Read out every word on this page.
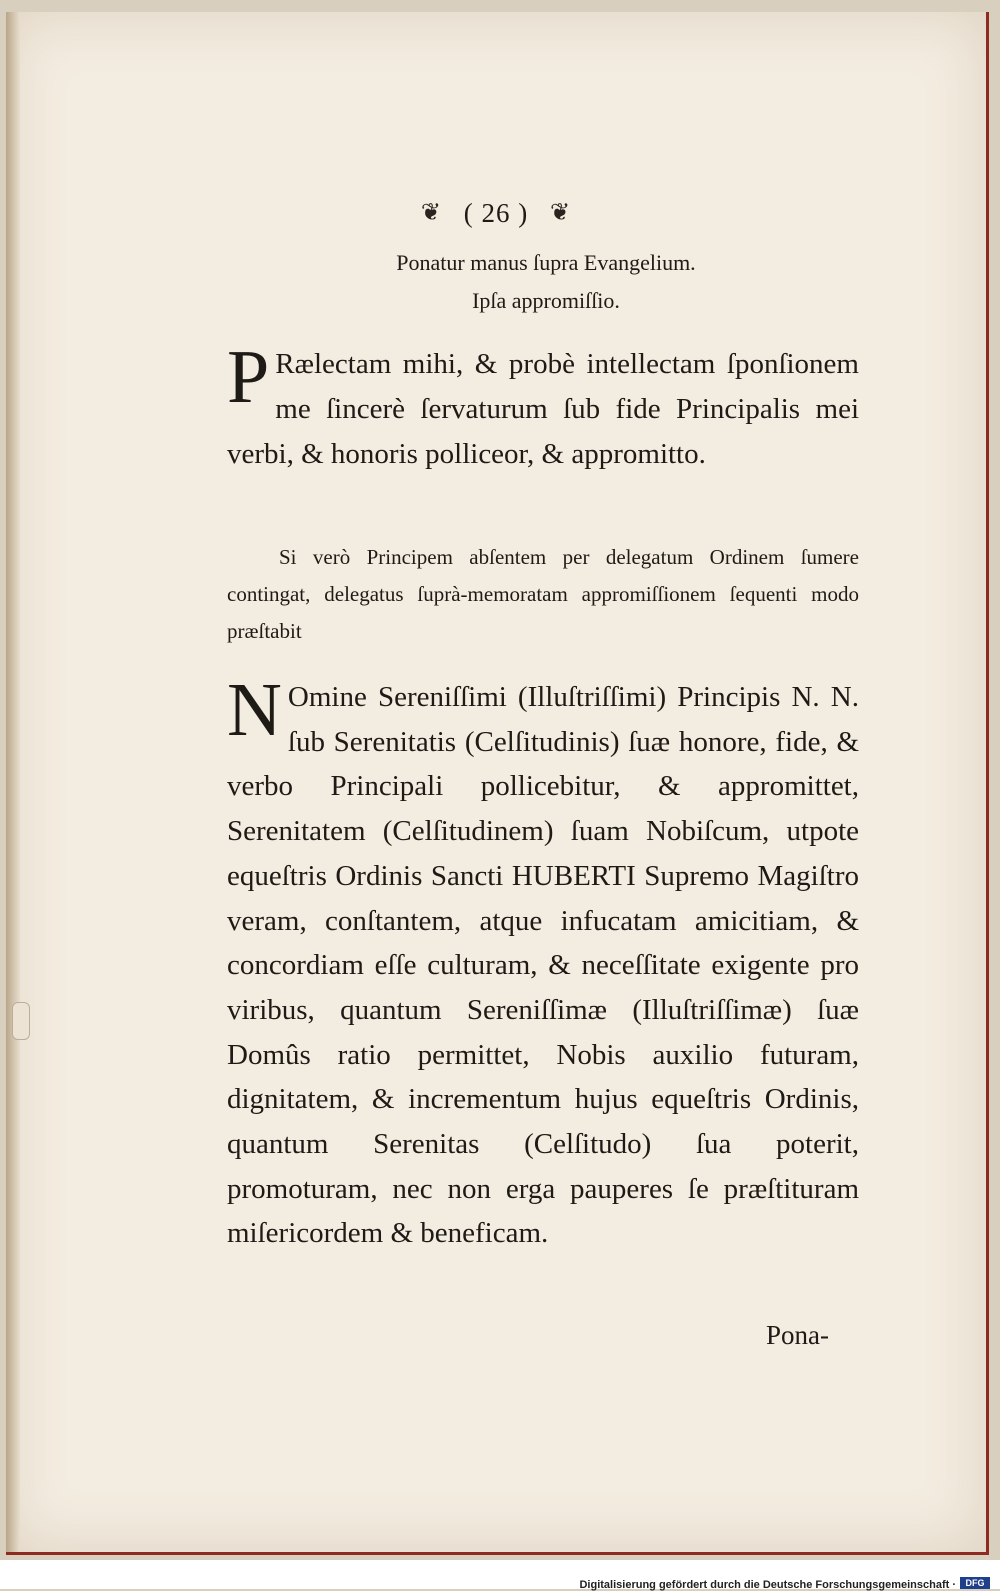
❦ ( 26 ) ❦
Ponatur manus ſupra Evangelium.
Ipſa appromiſſio.
P Rælectam mihi, & probè intellectam ſponſionem me ſincerè ſervaturum ſub fide Principalis mei verbi, & honoris polliceor, & appromitto.
Si verò Principem abſentem per delegatum Ordinem ſumere contingat, delegatus ſuprà-memoratam appromiſſionem ſequenti modo præſtabit
N Omine Sereniſſimi (Illuſtriſſimi) Principis N. N. ſub Serenitatis (Celſitudinis) ſuæ honore, fide, & verbo Principali pollicebitur, & appromittet, Serenitatem (Celſitudinem) ſuam Nobiſcum, utpote equeſtris Ordinis Sancti HUBERTI Supremo Magiſtro veram, conſtantem, atque infucatam amicitiam, & concordiam eſſe culturam, & neceſſitate exigente pro viribus, quantum Sereniſſimæ (Illuſtriſſimæ) ſuæ Domûs ratio permittet, Nobis auxilio futuram, dignitatem, & incrementum hujus equeſtris Ordinis, quantum Serenitas (Celſitudo) ſua poterit, promoturam, nec non erga pauperes ſe præſtituram miſericordem & beneficam.
Pona-
Digitalisierung gefördert durch die Deutsche Forschungsgemeinschaft ·	DFG
